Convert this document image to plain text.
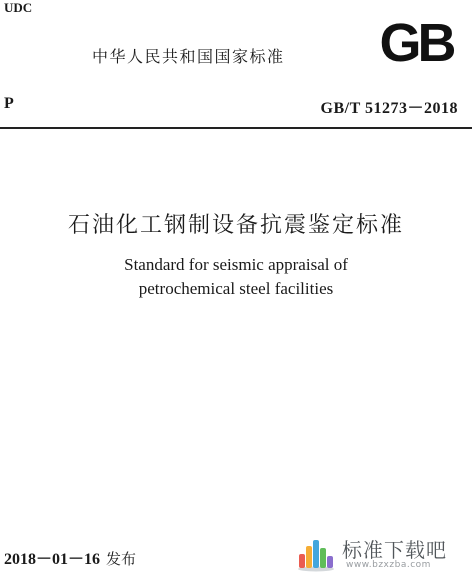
UDC
中华人民共和国国家标准 GB
P	GB/T 51273－2018
石油化工钢制设备抗震鉴定标准
Standard for seismic appraisal of
petrochemical steel facilities
2018－01－16 发布	标准下载吧
www.bzxzba.com
